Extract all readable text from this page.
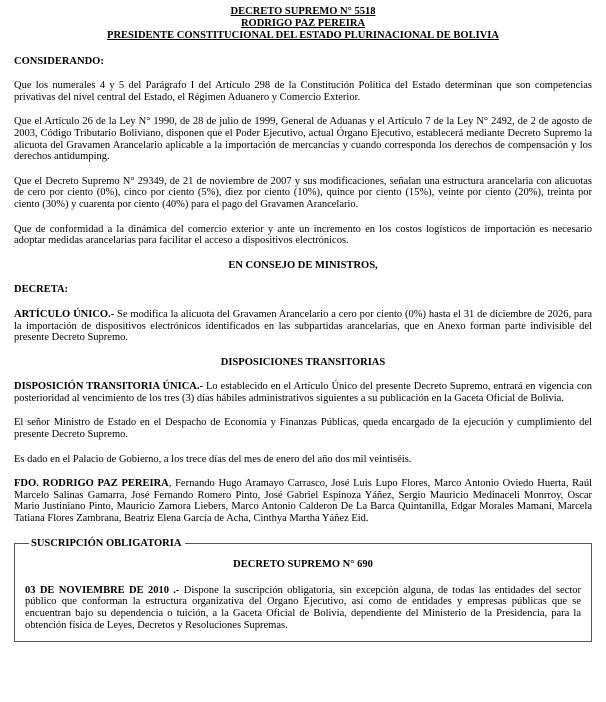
DECRETO SUPREMO N° 5518
RODRIGO PAZ PEREIRA
PRESIDENTE CONSTITUCIONAL DEL ESTADO PLURINACIONAL DE BOLIVIA
CONSIDERANDO:

Que los numerales 4 y 5 del Parágrafo I del Artículo 298 de la Constitución Política del Estado determinan que son competencias privativas del nivel central del Estado, el Régimen Aduanero y Comercio Exterior.

Que el Artículo 26 de la Ley N° 1990, de 28 de julio de 1999, General de Aduanas y el Artículo 7 de la Ley N° 2492, de 2 de agosto de 2003, Código Tributario Boliviano, disponen que el Poder Ejecutivo, actual Órgano Ejecutivo, establecerá mediante Decreto Supremo la alicuota del Gravamen Arancelario aplicable a la importación de mercancías y cuando corresponda los derechos de compensación y los derechos antidumping.

Que el Decreto Supremo N° 29349, de 21 de noviembre de 2007 y sus modificaciones, señalan una estructura arancelaria con alicuotas de cero por ciento (0%), cinco por ciento (5%), diez por ciento (10%), quince por ciento (15%), veinte por ciento (20%), treinta por ciento (30%) y cuarenta por ciento (40%) para el pago del Gravamen Arancelario.

Que de conformidad a la dinámica del comercio exterior y ante un incremento en los costos logísticos de importación es necesario adoptar medidas arancelarias para facilitar el acceso a dispositivos electrónicos.

EN CONSEJO DE MINISTROS,
DECRETA:

ARTÍCULO ÚNICO.- Se modifica la alicuota del Gravamen Arancelario a cero por ciento (0%) hasta el 31 de diciembre de 2026, para la importación de dispositivos electrónicos identificados en las subpartidas arancelarias, que en Anexo forman parte indivisible del presente Decreto Supremo.

DISPOSICIONES TRANSITORIAS

DISPOSICIÓN TRANSITORIA ÚNICA.- Lo establecido en el Artículo Único del presente Decreto Supremo, entrará en vigencia con posterioridad al vencimiento de los tres (3) días hábiles administrativos siguientes a su publicación en la Gaceta Oficial de Bolivia.

El señor Ministro de Estado en el Despacho de Economía y Finanzas Públicas, queda encargado de la ejecución y cumplimiento del presente Decreto Supremo.

Es dado en el Palacio de Gobierno, a los trece días del mes de enero del año dos mil veintiséis.

FDO. RODRIGO PAZ PEREIRA, Fernando Hugo Aramayo Carrasco, José Luis Lupo Flores, Marco Antonio Oviedo Huerta, Raúl Marcelo Salinas Gamarra, José Fernando Romero Pinto, José Gabriel Espinoza Yáñez, Sergio Mauricio Medinaceli Monrroy, Oscar Mario Justiniano Pinto, Mauricio Zamora Liebers, Marco Antonio Calderon De La Barca Quintanilla, Edgar Morales Mamani, Marcela Tatiana Flores Zambrana, Beatriz Elena García de Acha, Cinthya Martha Yáñez Eid.

SUSCRIPCIÓN OBLIGATORIA
DECRETO SUPREMO N° 690

03 DE NOVIEMBRE DE 2010 .- Dispone la suscripción obligatoria, sin excepción alguna, de todas las entidades del sector público que conforman la estructura organizativa del Organo Ejecutivo, así como de entidades y empresas públicas que se encuentran bajo su dependencia o tuición, a la Gaceta Oficial de Bolivia, dependiente del Ministerio de la Presidencia, para la obtención física de Leyes, Decretos y Resoluciones Supremas.
